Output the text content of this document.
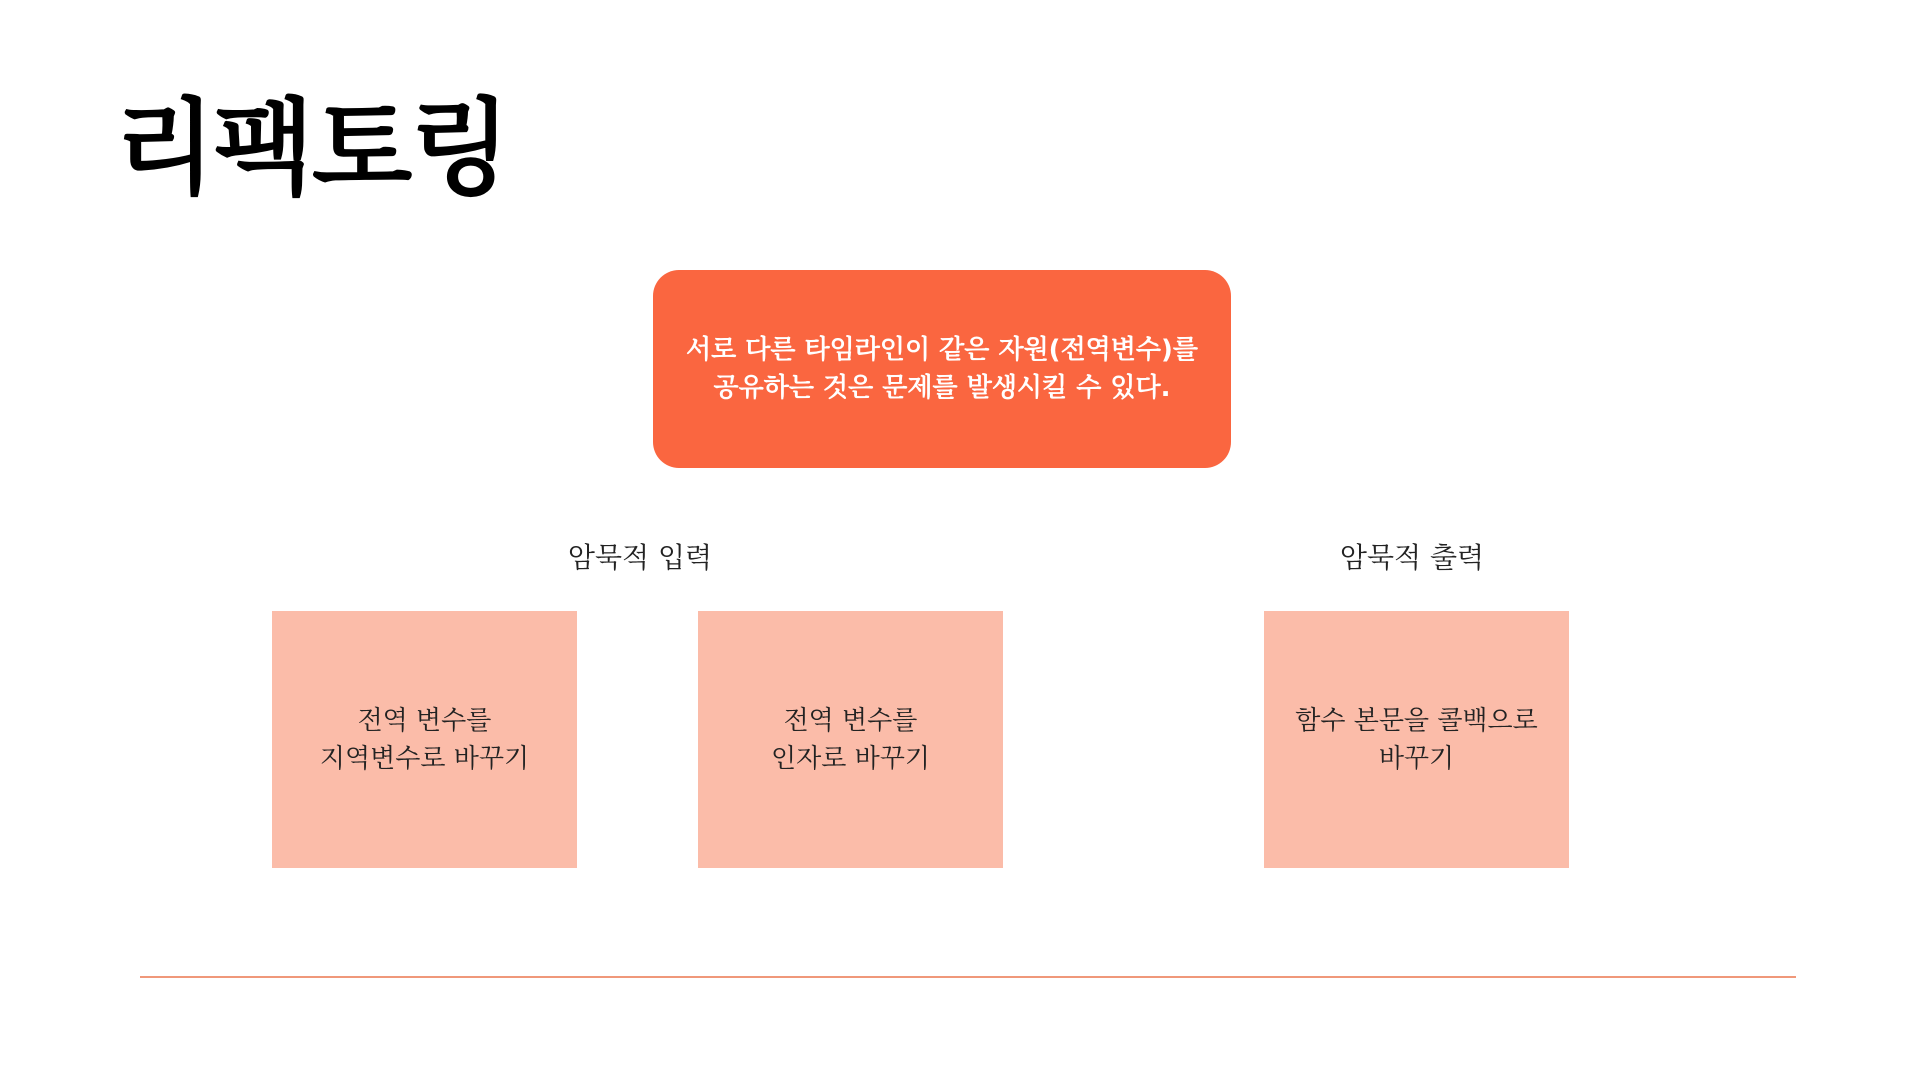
리팩토링
서로 다른 타임라인이 같은 자원(전역변수)를
공유하는 것은 문제를 발생시킬 수 있다.
암묵적 입력	암묵적 출력
전역 변수를
지역변수로 바꾸기
전역 변수를
인자로 바꾸기
함수 본문을 콜백으로
바꾸기
